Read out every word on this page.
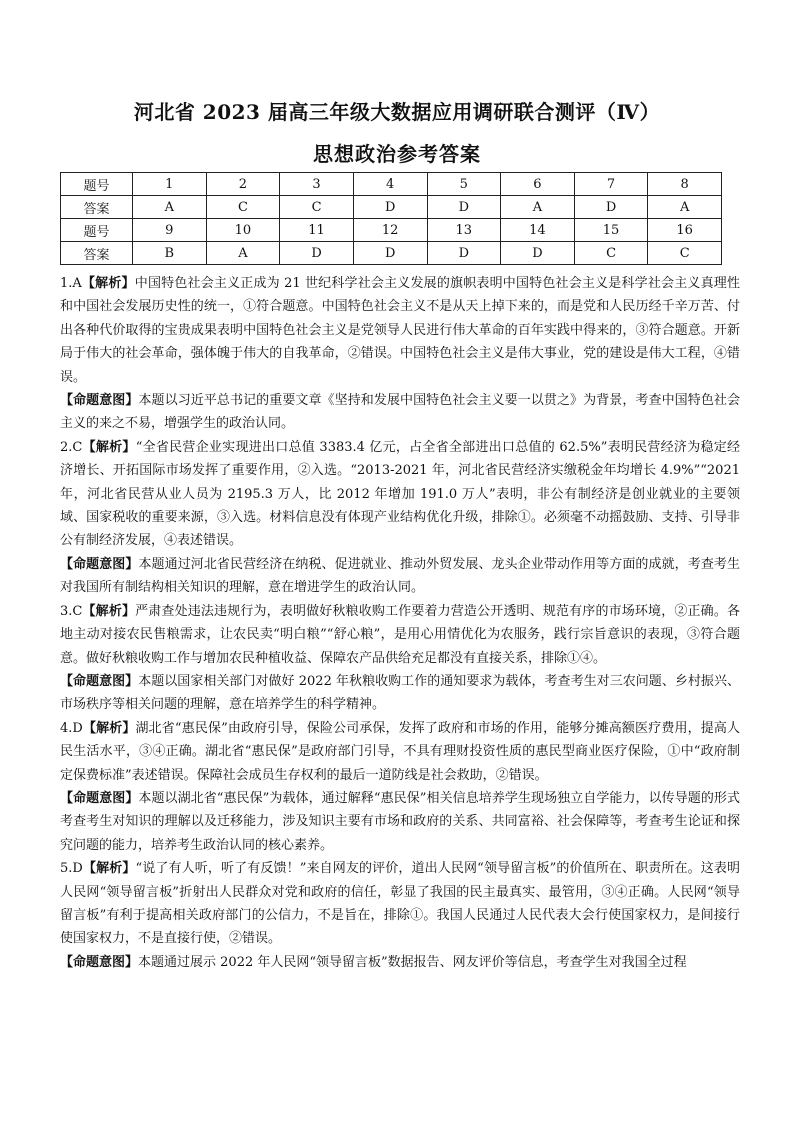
河北省 2023 届高三年级大数据应用调研联合测评（Ⅳ）
思想政治参考答案
题号	1	2	3	4	5	6	7	8
答案	A	C	C	D	D	A	D	A
题号	9	10	11	12	13	14	15	16
答案	B	A	D	D	D	D	C	C

1.A【解析】中国特色社会主义正成为 21 世纪科学社会主义发展的旗帜表明中国特色社会主义是科学社会主义真理性和中国社会发展历史性的统一，①符合题意。中国特色社会主义不是从天上掉下来的，而是党和人民历经千辛万苦、付出各种代价取得的宝贵成果表明中国特色社会主义是党领导人民进行伟大革命的百年实践中得来的，③符合题意。开新局于伟大的社会革命，强体魄于伟大的自我革命，②错误。中国特色社会主义是伟大事业，党的建设是伟大工程，④错误。

【命题意图】本题以习近平总书记的重要文章《坚持和发展中国特色社会主义要一以贯之》为背景，考查中国特色社会主义的来之不易，增强学生的政治认同。

2.C【解析】“全省民营企业实现进出口总值 3383.4 亿元，占全省全部进出口总值的 62.5%”表明民营经济为稳定经济增长、开拓国际市场发挥了重要作用，②入选。“2013-2021 年，河北省民营经济实缴税金年均增长 4.9%”“2021 年，河北省民营从业人员为 2195.3 万人，比 2012 年增加 191.0 万人”表明，非公有制经济是创业就业的主要领域、国家税收的重要来源，③入选。材料信息没有体现产业结构优化升级，排除①。必须毫不动摇鼓励、支持、引导非公有制经济发展，④表述错误。

【命题意图】本题通过河北省民营经济在纳税、促进就业、推动外贸发展、龙头企业带动作用等方面的成就，考查考生对我国所有制结构相关知识的理解，意在增进学生的政治认同。

3.C【解析】严肃查处违法违规行为，表明做好秋粮收购工作要着力营造公开透明、规范有序的市场环境，②正确。各地主动对接农民售粮需求，让农民卖“明白粮”“舒心粮”，是用心用情优化为农服务，践行宗旨意识的表现，③符合题意。做好秋粮收购工作与增加农民种植收益、保障农产品供给充足都没有直接关系，排除①④。

【命题意图】本题以国家相关部门对做好 2022 年秋粮收购工作的通知要求为载体，考查考生对三农问题、乡村振兴、市场秩序等相关问题的理解，意在培养学生的科学精神。

4.D【解析】湖北省“惠民保”由政府引导，保险公司承保，发挥了政府和市场的作用，能够分摊高额医疗费用，提高人民生活水平，③④正确。湖北省“惠民保”是政府部门引导，不具有理财投资性质的惠民型商业医疗保险，①中“政府制定保费标准”表述错误。保障社会成员生存权利的最后一道防线是社会救助，②错误。

【命题意图】本题以湖北省“惠民保”为载体，通过解释“惠民保”相关信息培养学生现场独立自学能力，以传导题的形式考查考生对知识的理解以及迁移能力，涉及知识主要有市场和政府的关系、共同富裕、社会保障等，考查考生论证和探究问题的能力，培养考生政治认同的核心素养。

5.D【解析】“说了有人听，听了有反馈！”来自网友的评价，道出人民网“领导留言板”的价值所在、职责所在。这表明人民网“领导留言板”折射出人民群众对党和政府的信任，彰显了我国的民主最真实、最管用，③④正确。人民网“领导留言板”有利于提高相关政府部门的公信力，不是旨在，排除①。我国人民通过人民代表大会行使国家权力，是间接行使国家权力，不是直接行使，②错误。

【命题意图】本题通过展示 2022 年人民网“领导留言板”数据报告、网友评价等信息，考查学生对我国全过程
